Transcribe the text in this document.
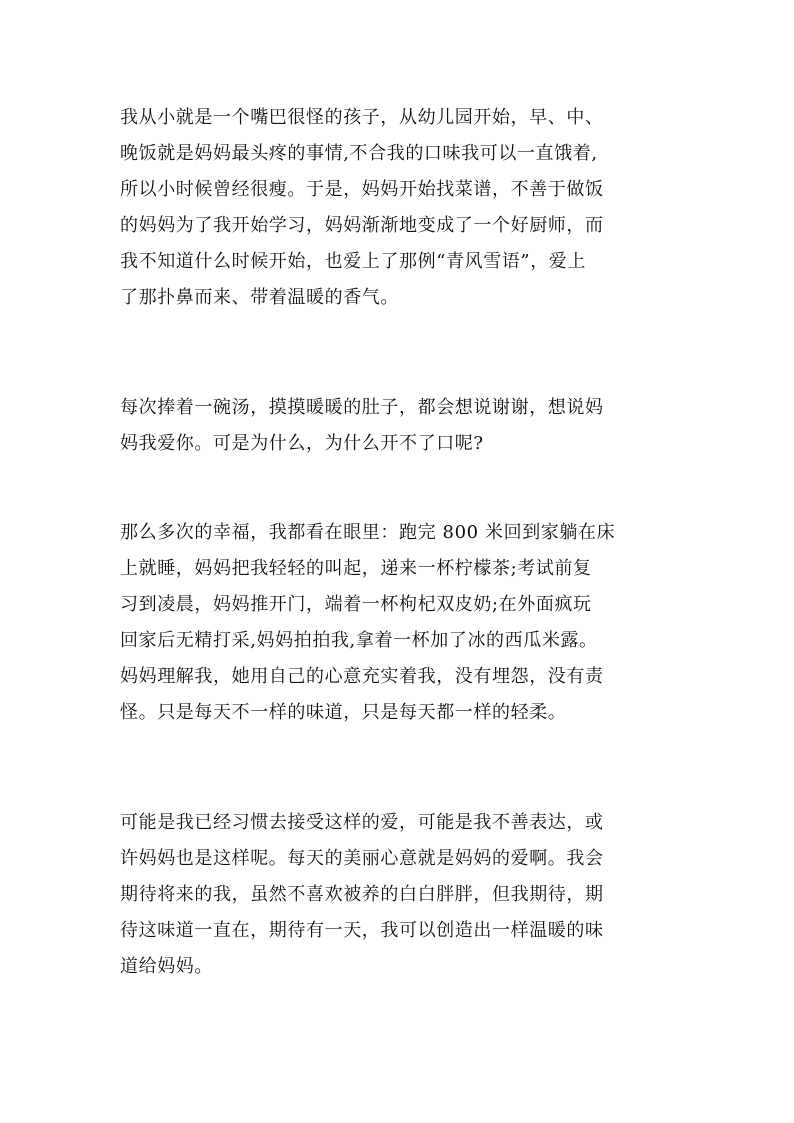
我从小就是一个嘴巴很怪的孩子，从幼儿园开始，早、中、
晚饭就是妈妈最头疼的事情,不合我的口味我可以一直饿着,
所以小时候曾经很瘦。于是，妈妈开始找菜谱，不善于做饭
的妈妈为了我开始学习，妈妈渐渐地变成了一个好厨师，而
我不知道什么时候开始，也爱上了那例“青风雪语”，爱上
了那扑鼻而来、带着温暖的香气。
每次捧着一碗汤，摸摸暖暖的肚子，都会想说谢谢，想说妈
妈我爱你。可是为什么，为什么开不了口呢?
那么多次的幸福，我都看在眼里：跑完 800 米回到家躺在床
上就睡，妈妈把我轻轻的叫起，递来一杯柠檬茶;考试前复
习到凌晨，妈妈推开门，端着一杯枸杞双皮奶;在外面疯玩
回家后无精打采,妈妈拍拍我,拿着一杯加了冰的西瓜米露。
妈妈理解我，她用自己的心意充实着我，没有埋怨，没有责
怪。只是每天不一样的味道，只是每天都一样的轻柔。
可能是我已经习惯去接受这样的爱，可能是我不善表达，或
许妈妈也是这样呢。每天的美丽心意就是妈妈的爱啊。我会
期待将来的我，虽然不喜欢被养的白白胖胖，但我期待，期
待这味道一直在，期待有一天，我可以创造出一样温暖的味
道给妈妈。
